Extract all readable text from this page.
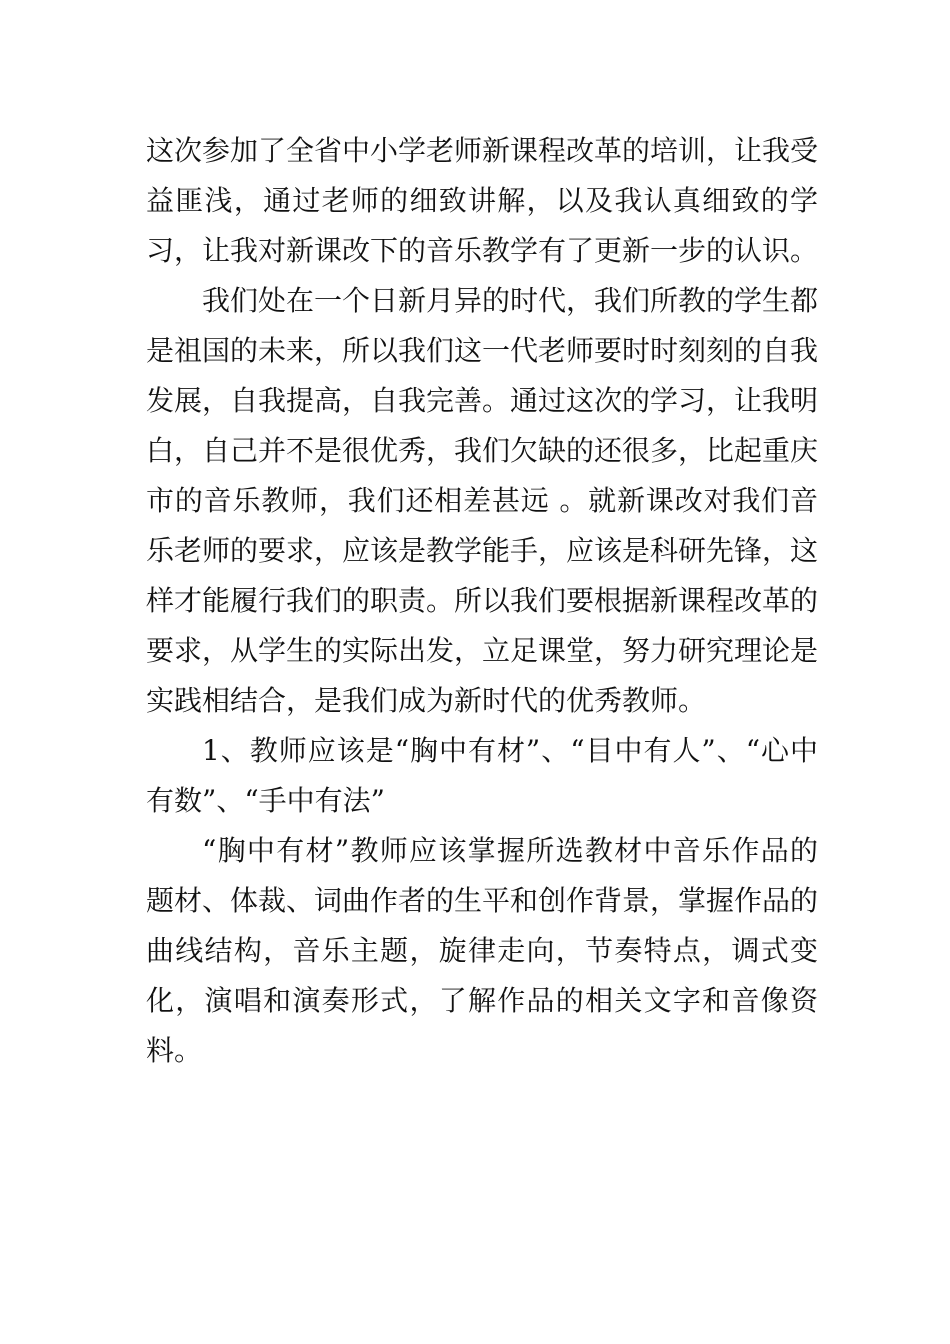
这次参加了全省中小学老师新课程改革的培训，让我受益匪浅，通过老师的细致讲解，以及我认真细致的学习，让我对新课改下的音乐教学有了更新一步的认识。

我们处在一个日新月异的时代，我们所教的学生都是祖国的未来，所以我们这一代老师要时时刻刻的自我发展，自我提高，自我完善。通过这次的学习，让我明白，自己并不是很优秀，我们欠缺的还很多，比起重庆市的音乐教师，我们还相差甚远 。就新课改对我们音乐老师的要求，应该是教学能手，应该是科研先锋，这样才能履行我们的职责。所以我们要根据新课程改革的要求，从学生的实际出发，立足课堂，努力研究理论是实践相结合，是我们成为新时代的优秀教师。

1、教师应该是“胸中有材”、“目中有人”、“心中有数”、“手中有法”

“胸中有材”教师应该掌握所选教材中音乐作品的题材、体裁、词曲作者的生平和创作背景，掌握作品的曲线结构，音乐主题，旋律走向，节奏特点，调式变化，演唱和演奏形式，了解作品的相关文字和音像资料。
